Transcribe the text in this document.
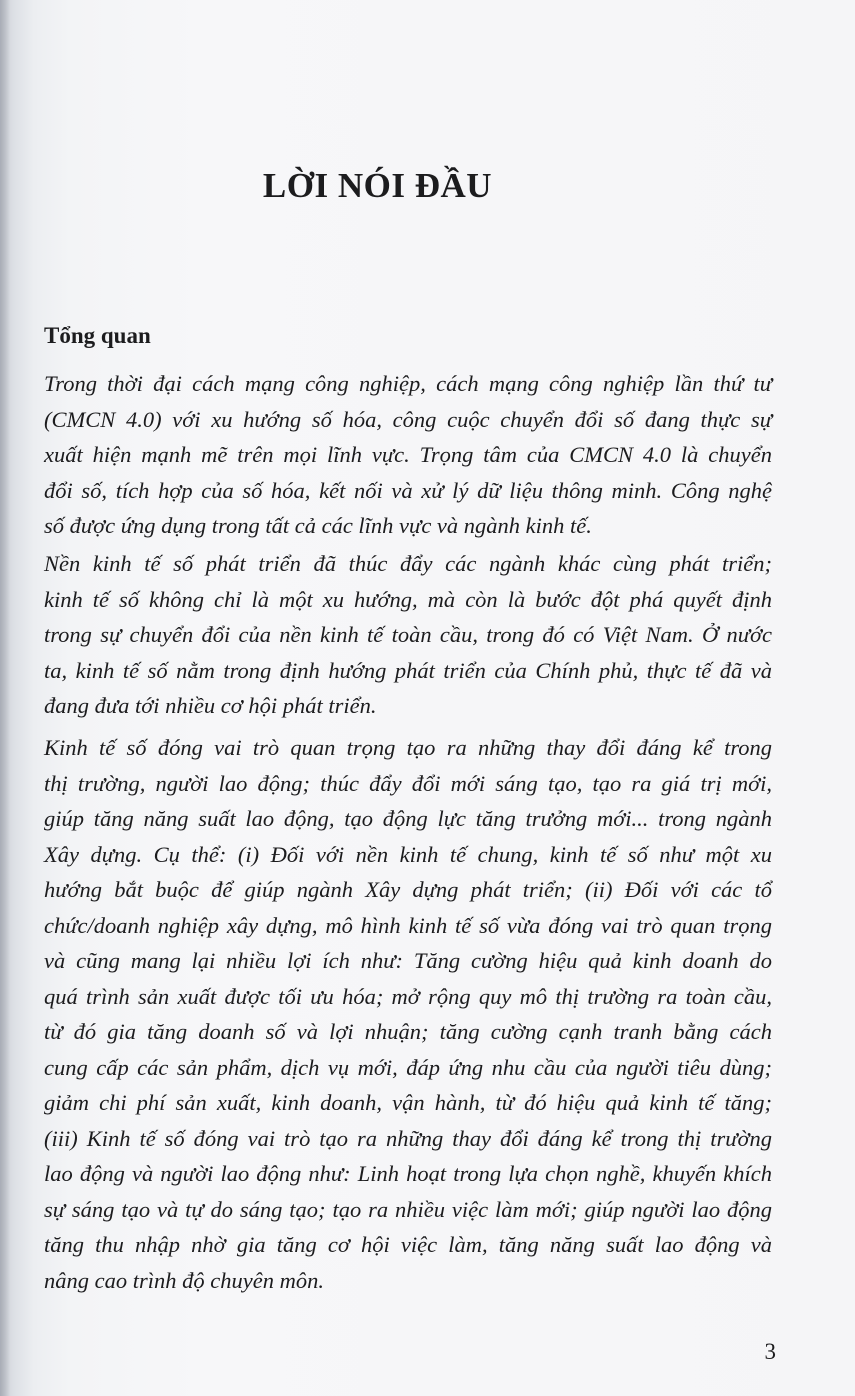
LỜI NÓI ĐẦU
Tổng quan

Trong thời đại cách mạng công nghiệp, cách mạng công nghiệp lần thứ tư
(CMCN 4.0) với xu hướng số hóa, công cuộc chuyển đổi số đang thực sự
xuất hiện mạnh mẽ trên mọi lĩnh vực. Trọng tâm của CMCN 4.0 là chuyển
đổi số, tích hợp của số hóa, kết nối và xử lý dữ liệu thông minh. Công nghệ
số được ứng dụng trong tất cả các lĩnh vực và ngành kinh tế.

Nền kinh tế số phát triển đã thúc đẩy các ngành khác cùng phát triển;
kinh tế số không chỉ là một xu hướng, mà còn là bước đột phá quyết định
trong sự chuyển đổi của nền kinh tế toàn cầu, trong đó có Việt Nam. Ở nước
ta, kinh tế số nằm trong định hướng phát triển của Chính phủ, thực tế đã và
đang đưa tới nhiều cơ hội phát triển.

Kinh tế số đóng vai trò quan trọng tạo ra những thay đổi đáng kể trong
thị trường, người lao động; thúc đẩy đổi mới sáng tạo, tạo ra giá trị mới,
giúp tăng năng suất lao động, tạo động lực tăng trưởng mới... trong ngành
Xây dựng. Cụ thể: (i) Đối với nền kinh tế chung, kinh tế số như một xu
hướng bắt buộc để giúp ngành Xây dựng phát triển; (ii) Đối với các tổ
chức/doanh nghiệp xây dựng, mô hình kinh tế số vừa đóng vai trò quan trọng
và cũng mang lại nhiều lợi ích như: Tăng cường hiệu quả kinh doanh do
quá trình sản xuất được tối ưu hóa; mở rộng quy mô thị trường ra toàn cầu,
từ đó gia tăng doanh số và lợi nhuận; tăng cường cạnh tranh bằng cách
cung cấp các sản phẩm, dịch vụ mới, đáp ứng nhu cầu của người tiêu dùng;
giảm chi phí sản xuất, kinh doanh, vận hành, từ đó hiệu quả kinh tế tăng;
(iii) Kinh tế số đóng vai trò tạo ra những thay đổi đáng kể trong thị trường
lao động và người lao động như: Linh hoạt trong lựa chọn nghề, khuyến khích
sự sáng tạo và tự do sáng tạo; tạo ra nhiều việc làm mới; giúp người lao động
tăng thu nhập nhờ gia tăng cơ hội việc làm, tăng năng suất lao động và
nâng cao trình độ chuyên môn.

3
